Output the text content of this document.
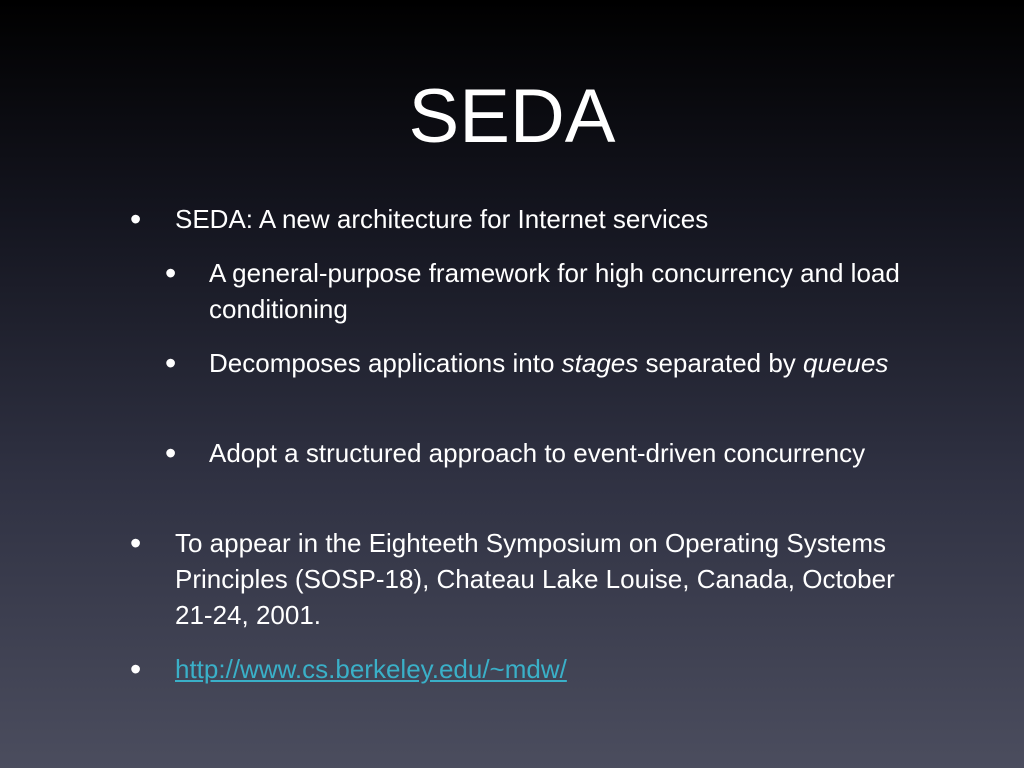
SEDA
• SEDA: A new architecture for Internet services
• A general-purpose framework for high concurrency and load conditioning
• Decomposes applications into stages separated by queues
• Adopt a structured approach to event-driven concurrency
• To appear in the Eighteeth Symposium on Operating Systems Principles (SOSP-18), Chateau Lake Louise, Canada, October 21-24, 2001.
• http://www.cs.berkeley.edu/~mdw/
